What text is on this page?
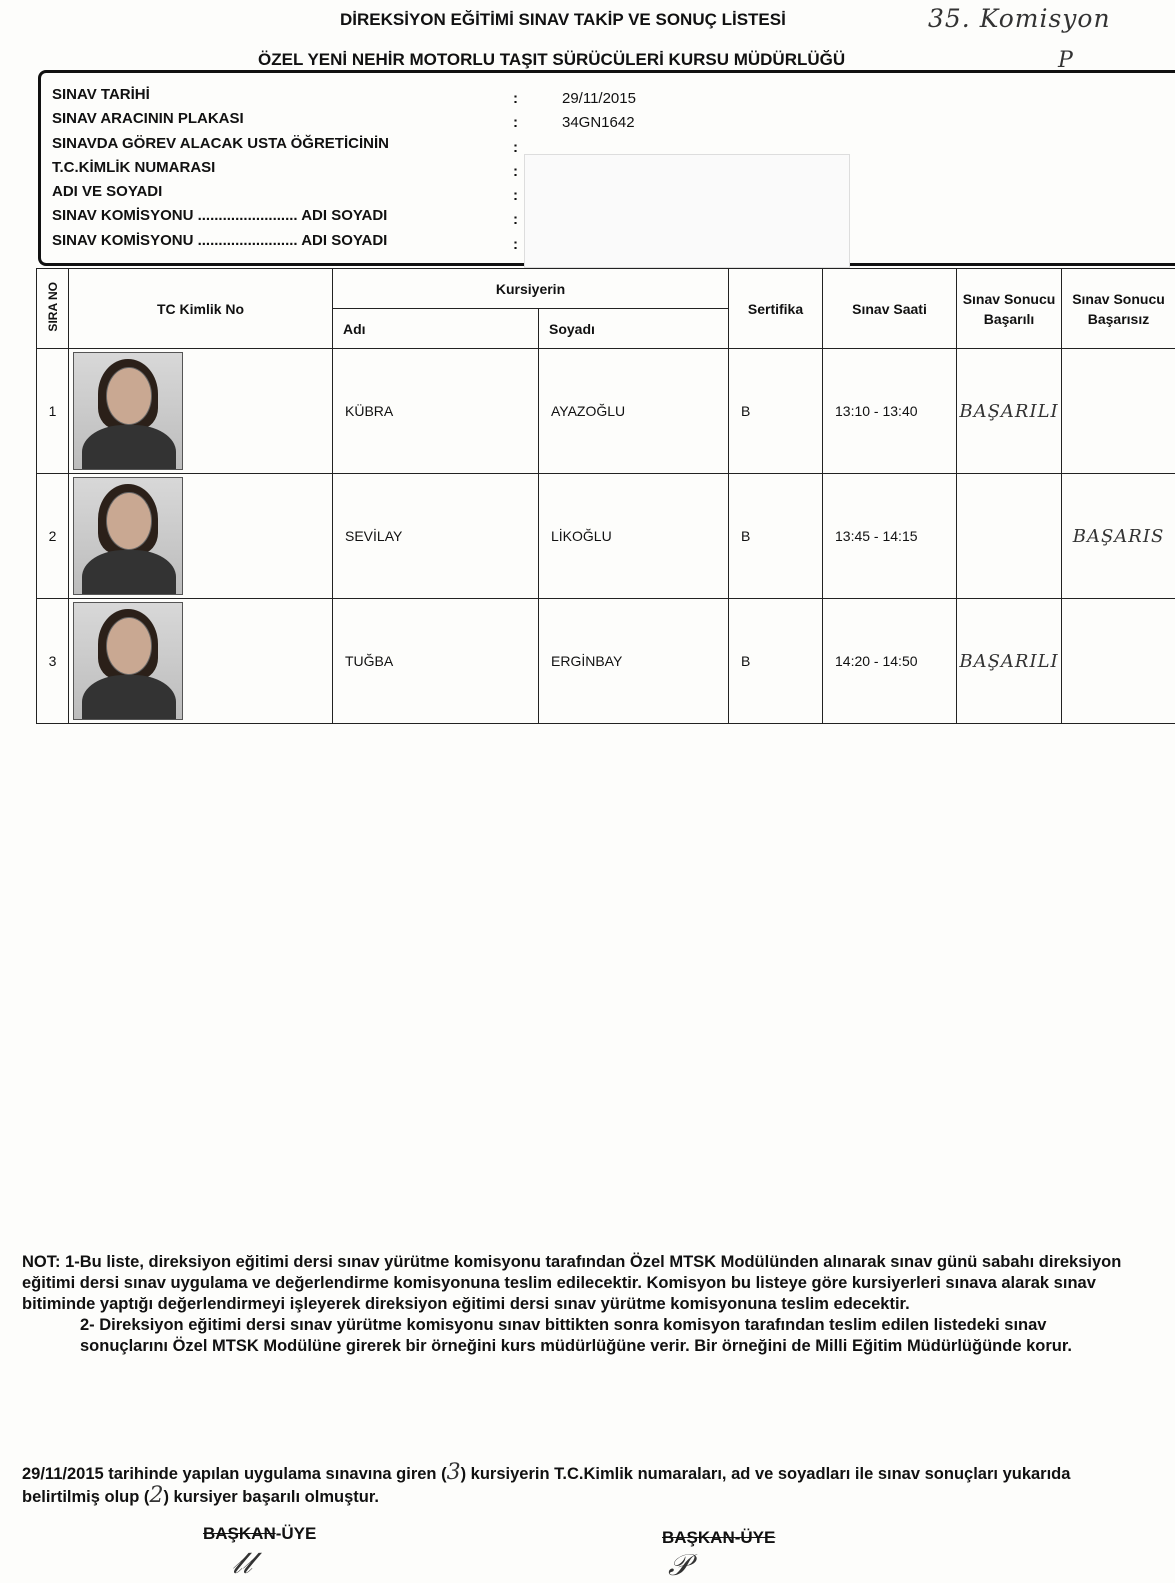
DİREKSİYON EĞİTİMİ SINAV TAKİP VE SONUÇ LİSTESİ	35. Komisyon
ÖZEL YENİ NEHİR MOTORLU TAŞIT SÜRÜCÜLERİ KURSU MÜDÜRLÜĞÜ	P
SINAV TARİHİ	:	29/11/2015
SINAV ARACININ PLAKASI	:	34GN1642
SINAVDA GÖREV ALACAK USTA ÖĞRETİCİNİN	:
T.C.KİMLİK NUMARASI	:
ADI VE SOYADI	:
SINAV KOMİSYONU ........................ ADI SOYADI	:
SINAV KOMİSYONU ........................ ADI SOYADI	:
SIRA NO	TC Kimlik No	Kursiyerin		Sertifika	Sınav Saati	Sınav Sonucu Başarılı	Sınav Sonucu Başarısız
		Adı	Soyadı				
1		KÜBRA	AYAZOĞLU	B	13:10 - 13:40	BAŞARILI	
2		SEVİLAY	LİKOĞLU	B	13:45 - 14:15		BAŞARIS
3		TUĞBA	ERGİNBAY	B	14:20 - 14:50	BAŞARILI	

NOT: 1-Bu liste, direksiyon eğitimi dersi sınav yürütme komisyonu tarafından Özel MTSK Modülünden alınarak sınav günü sabahı direksiyon eğitimi dersi sınav uygulama ve değerlendirme komisyonuna teslim edilecektir. Komisyon bu listeye göre kursiyerleri sınava alarak sınav bitiminde yaptığı değerlendirmeyi işleyerek direksiyon eğitimi dersi sınav yürütme komisyonuna teslim edecektir.

2- Direksiyon eğitimi dersi sınav yürütme komisyonu sınav bittikten sonra komisyon tarafından teslim edilen listedeki sınav sonuçlarını Özel MTSK Modülüne girerek bir örneğini kurs müdürlüğüne verir. Bir örneğini de Milli Eğitim Müdürlüğünde korur.

29/11/2015 tarihinde yapılan uygulama sınavına giren (3) kursiyerin T.C.Kimlik numaraları, ad ve soyadları ile sınav sonuçları yukarıda belirtilmiş olup (2) kursiyer başarılı olmuştur.
BAŞKAN-ÜYE
𝓁𝓁
BAŞKAN-ÜYE
𝒫
